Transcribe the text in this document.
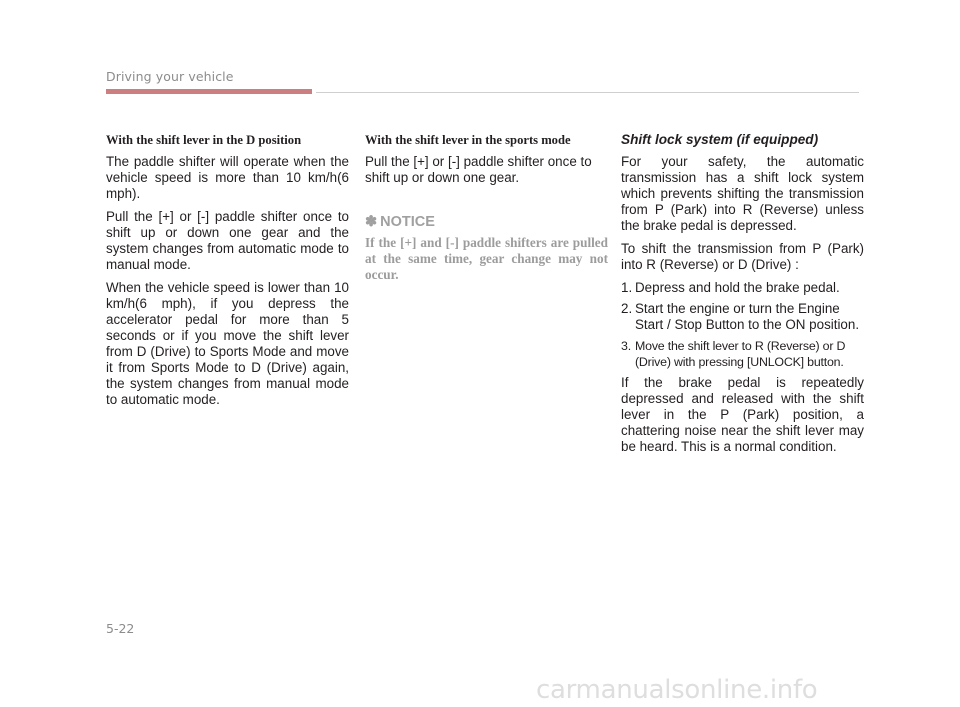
Driving your vehicle
With the shift lever in the D position

The paddle shifter will operate when the vehicle speed is more than 10 km/h(6 mph).

Pull the [+] or [-] paddle shifter once to shift up or down one gear and the system changes from automatic mode to manual mode.

When the vehicle speed is lower than 10 km/h(6 mph), if you depress the accelerator pedal for more than 5 seconds or if you move the shift lever from D (Drive) to Sports Mode and move it from Sports Mode to D (Drive) again, the system changes from manual mode to automatic mode.

With the shift lever in the sports mode

Pull the [+] or [-] paddle shifter once to shift up or down one gear.

✽ NOTICE

If the [+] and [-] paddle shifters are pulled at the same time, gear change may not occur.

Shift lock system (if equipped)

For your safety, the automatic transmission has a shift lock system which prevents shifting the transmission from P (Park) into R (Reverse) unless the brake pedal is depressed.

To shift the transmission from P (Park) into R (Reverse) or D (Drive) :

1. Depress and hold the brake pedal.
2. Start the engine or turn the Engine Start / Stop Button to the ON position.
3. Move the shift lever to R (Reverse) or D (Drive) with pressing [UNLOCK] button.

If the brake pedal is repeatedly depressed and released with the shift lever in the P (Park) position, a chattering noise near the shift lever may be heard. This is a normal condition.

5-22
carmanualsonline.info
